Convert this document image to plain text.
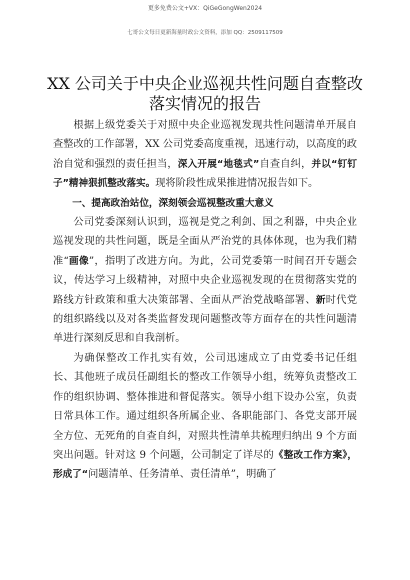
更多免费公文+VX：QiGeGongWen2024
七哥公文每日更新海量时政公文资料，添加 QQ：2509117509
XX 公司关于中央企业巡视共性问题自查整改
落实情况的报告

根据上级党委关于对照中央企业巡视发现共性问题清单开展自查整改的工作部署，XX 公司党委高度重视，迅速行动，以高度的政治自觉和强烈的责任担当，深入开展“地毯式”自查自纠，并以“钉钉子”精神狠抓整改落实。现将阶段性成果推进情况报告如下。

一、提高政治站位，深刻领会巡视整改重大意义

公司党委深刻认识到，巡视是党之利剑、国之利器，中央企业巡视发现的共性问题，既是全面从严治党的具体体现，也为我们精准“画像”，指明了改进方向。为此，公司党委第一时间召开专题会议，传达学习上级精神，对照中央企业巡视发现的在贯彻落实党的路线方针政策和重大决策部署、全面从严治党战略部署、新时代党的组织路线以及对各类监督发现问题整改等方面存在的共性问题清单进行深刻反思和自我剖析。

为确保整改工作扎实有效，公司迅速成立了由党委书记任组长、其他班子成员任副组长的整改工作领导小组，统筹负责整改工作的组织协调、整体推进和督促落实。领导小组下设办公室，负责日常具体工作。通过组织各所属企业、各职能部门、各党支部开展全方位、无死角的自查自纠，对照共性清单共梳理归纳出 9 个方面突出问题。针对这 9 个问题，公司制定了详尽的《整改工作方案》，形成了“问题清单、任务清单、责任清单”，明确了
